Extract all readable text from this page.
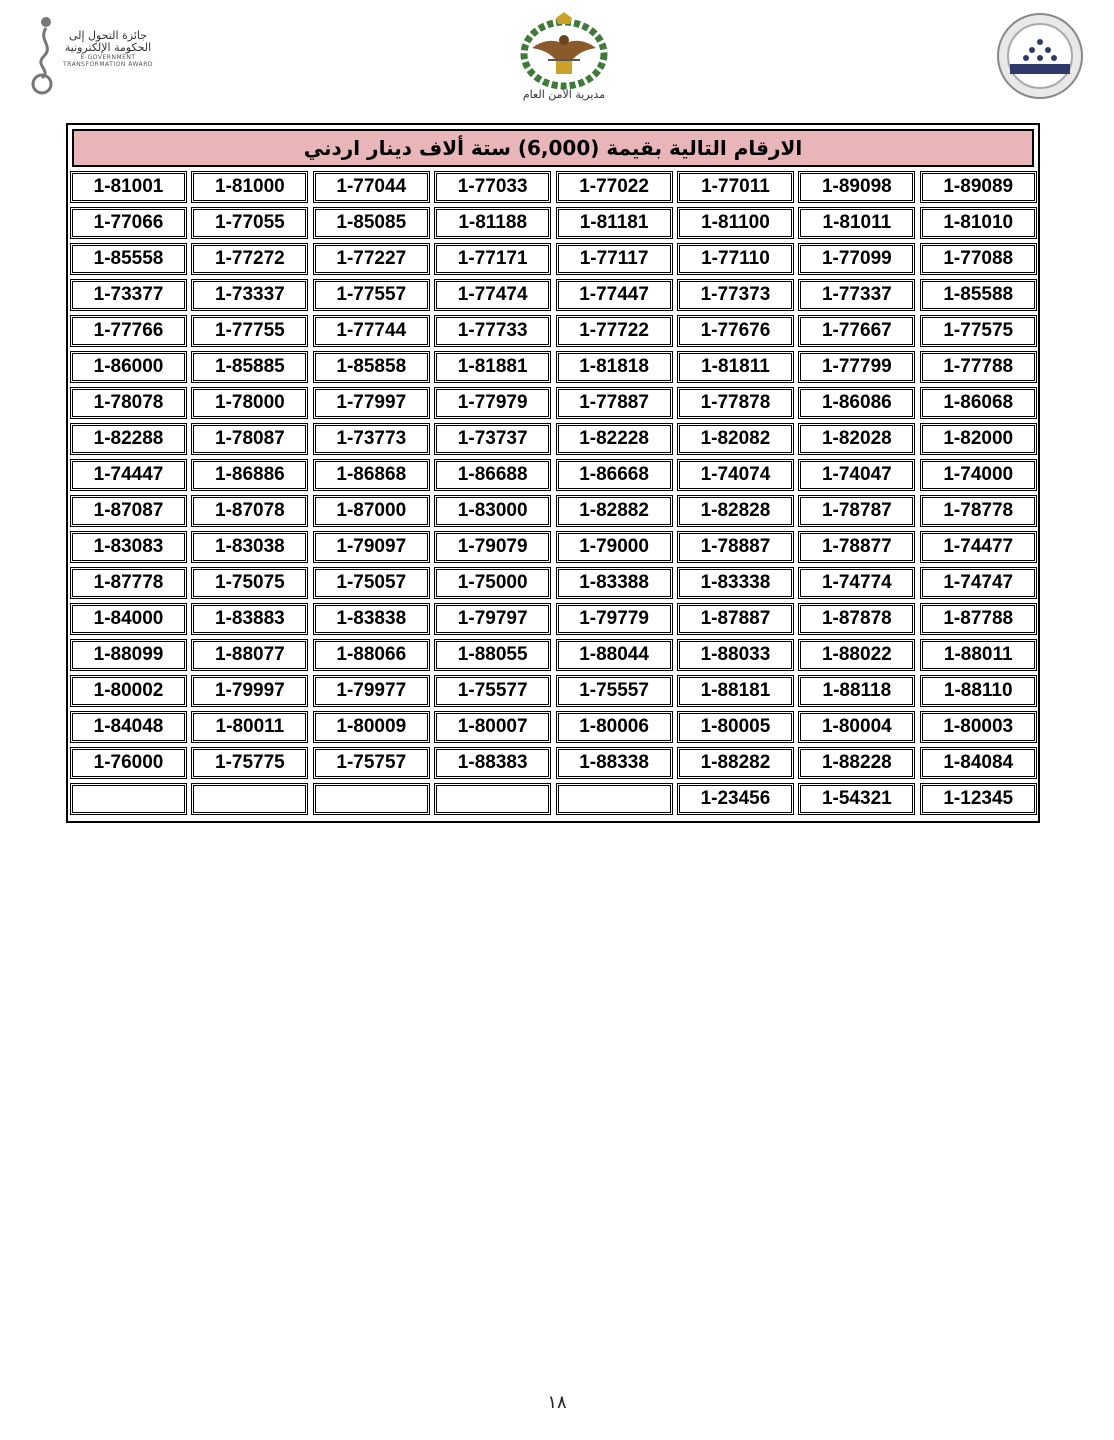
جائزة التحول إلى
الحكومة الإلكترونية
E-GOVERNMENT
TRANSFORMATION AWARD
مديرية الأمن العام
الارقام التالية بقيمة (6,000) ستة ألاف دينار اردني
1-81001	1-81000	1-77044	1-77033	1-77022	1-77011	1-89098	1-89089
1-77066	1-77055	1-85085	1-81188	1-81181	1-81100	1-81011	1-81010
1-85558	1-77272	1-77227	1-77171	1-77117	1-77110	1-77099	1-77088
1-73377	1-73337	1-77557	1-77474	1-77447	1-77373	1-77337	1-85588
1-77766	1-77755	1-77744	1-77733	1-77722	1-77676	1-77667	1-77575
1-86000	1-85885	1-85858	1-81881	1-81818	1-81811	1-77799	1-77788
1-78078	1-78000	1-77997	1-77979	1-77887	1-77878	1-86086	1-86068
1-82288	1-78087	1-73773	1-73737	1-82228	1-82082	1-82028	1-82000
1-74447	1-86886	1-86868	1-86688	1-86668	1-74074	1-74047	1-74000
1-87087	1-87078	1-87000	1-83000	1-82882	1-82828	1-78787	1-78778
1-83083	1-83038	1-79097	1-79079	1-79000	1-78887	1-78877	1-74477
1-87778	1-75075	1-75057	1-75000	1-83388	1-83338	1-74774	1-74747
1-84000	1-83883	1-83838	1-79797	1-79779	1-87887	1-87878	1-87788
1-88099	1-88077	1-88066	1-88055	1-88044	1-88033	1-88022	1-88011
1-80002	1-79997	1-79977	1-75577	1-75557	1-88181	1-88118	1-88110
1-84048	1-80011	1-80009	1-80007	1-80006	1-80005	1-80004	1-80003
1-76000	1-75775	1-75757	1-88383	1-88338	1-88282	1-88228	1-84084
1-23456	1-54321	1-12345
١٨
